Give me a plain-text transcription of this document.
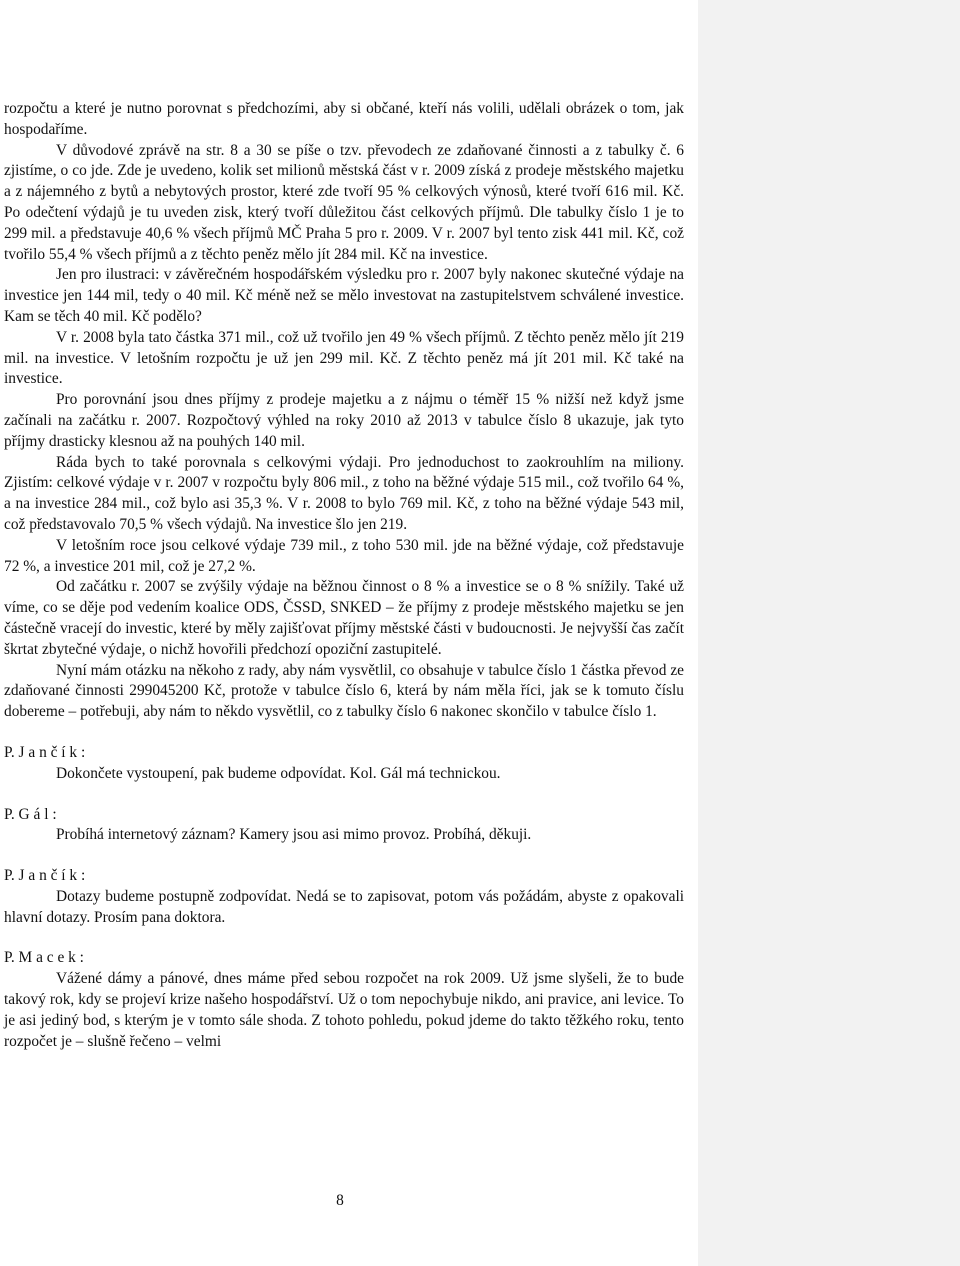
rozpočtu a které je nutno porovnat s předchozími, aby si občané, kteří nás volili, udělali obrázek o tom, jak hospodaříme.

V důvodové zprávě na str. 8 a 30 se píše o tzv. převodech ze zdaňované činnosti a z tabulky č. 6 zjistíme, o co jde. Zde je uvedeno, kolik set milionů městská část v r. 2009 získá z prodeje městského majetku a z nájemného z bytů a nebytových prostor, které zde tvoří 95 % celkových výnosů, které tvoří 616 mil. Kč. Po odečtení výdajů je tu uveden zisk, který tvoří důležitou část celkových příjmů. Dle tabulky číslo 1 je to 299 mil. a představuje 40,6 % všech příjmů MČ Praha 5 pro r. 2009. V r. 2007 byl tento zisk 441 mil. Kč, což tvořilo 55,4 % všech příjmů a z těchto peněz mělo jít 284 mil. Kč na investice.

Jen pro ilustraci: v závěrečném hospodářském výsledku pro r. 2007 byly nakonec skutečné výdaje na investice jen 144 mil, tedy o 40 mil. Kč méně než se mělo investovat na zastupitelstvem schválené investice. Kam se těch 40 mil. Kč podělo?

V r. 2008 byla tato částka 371 mil., což už tvořilo jen 49 % všech příjmů. Z těchto peněz mělo jít 219 mil. na investice. V letošním rozpočtu je už jen 299 mil. Kč. Z těchto peněz má jít 201 mil. Kč také na investice.

Pro porovnání jsou dnes příjmy z prodeje majetku a z nájmu o téměř 15 % nižší než když jsme začínali na začátku r. 2007. Rozpočtový výhled na roky 2010 až 2013 v tabulce číslo 8 ukazuje, jak tyto příjmy drasticky klesnou až na pouhých 140 mil.

Ráda bych to také porovnala s celkovými výdaji. Pro jednoduchost to zaokrouhlím na miliony. Zjistím: celkové výdaje v r. 2007 v rozpočtu byly 806 mil., z toho na běžné výdaje 515 mil., což tvořilo 64 %, a na investice 284 mil., což bylo asi 35,3 %. V r. 2008 to bylo 769 mil. Kč, z toho na běžné výdaje 543 mil, což představovalo 70,5 % všech výdajů. Na investice šlo jen 219.

V letošním roce jsou celkové výdaje 739 mil., z toho 530 mil. jde na běžné výdaje, což představuje 72 %, a investice 201 mil, což je 27,2 %.

Od začátku r. 2007 se zvýšily výdaje na běžnou činnost o 8 % a investice se o 8 % snížily. Také už víme, co se děje pod vedením koalice ODS, ČSSD, SNKED – že příjmy z prodeje městského majetku se jen částečně vracejí do investic, které by měly zajišťovat příjmy městské části v budoucnosti. Je nejvyšší čas začít škrtat zbytečné výdaje, o nichž hovořili předchozí opoziční zastupitelé.

Nyní mám otázku na někoho z rady, aby nám vysvětlil, co obsahuje v tabulce číslo 1 částka převod ze zdaňované činnosti 299045200 Kč, protože v tabulce číslo 6, která by nám měla říci, jak se k tomuto číslu dobereme – potřebuji, aby nám to někdo vysvětlil, co z tabulky číslo 6 nakonec skončilo v tabulce číslo 1.

P. J a n č í k :

Dokončete vystoupení, pak budeme odpovídat. Kol. Gál má technickou.

P. G á l :

Probíhá internetový záznam? Kamery jsou asi mimo provoz. Probíhá, děkuji.

P. J a n č í k :

Dotazy budeme postupně zodpovídat. Nedá se to zapisovat, potom vás požádám, abyste z opakovali hlavní dotazy. Prosím pana doktora.

P. M a c e k :

Vážené dámy a pánové, dnes máme před sebou rozpočet na rok 2009. Už jsme slyšeli, že to bude takový rok, kdy se projeví krize našeho hospodářství. Už o tom nepochybuje nikdo, ani pravice, ani levice. To je asi jediný bod, s kterým je v tomto sále shoda. Z tohoto pohledu, pokud jdeme do takto těžkého roku, tento rozpočet je – slušně řečeno – velmi

8
